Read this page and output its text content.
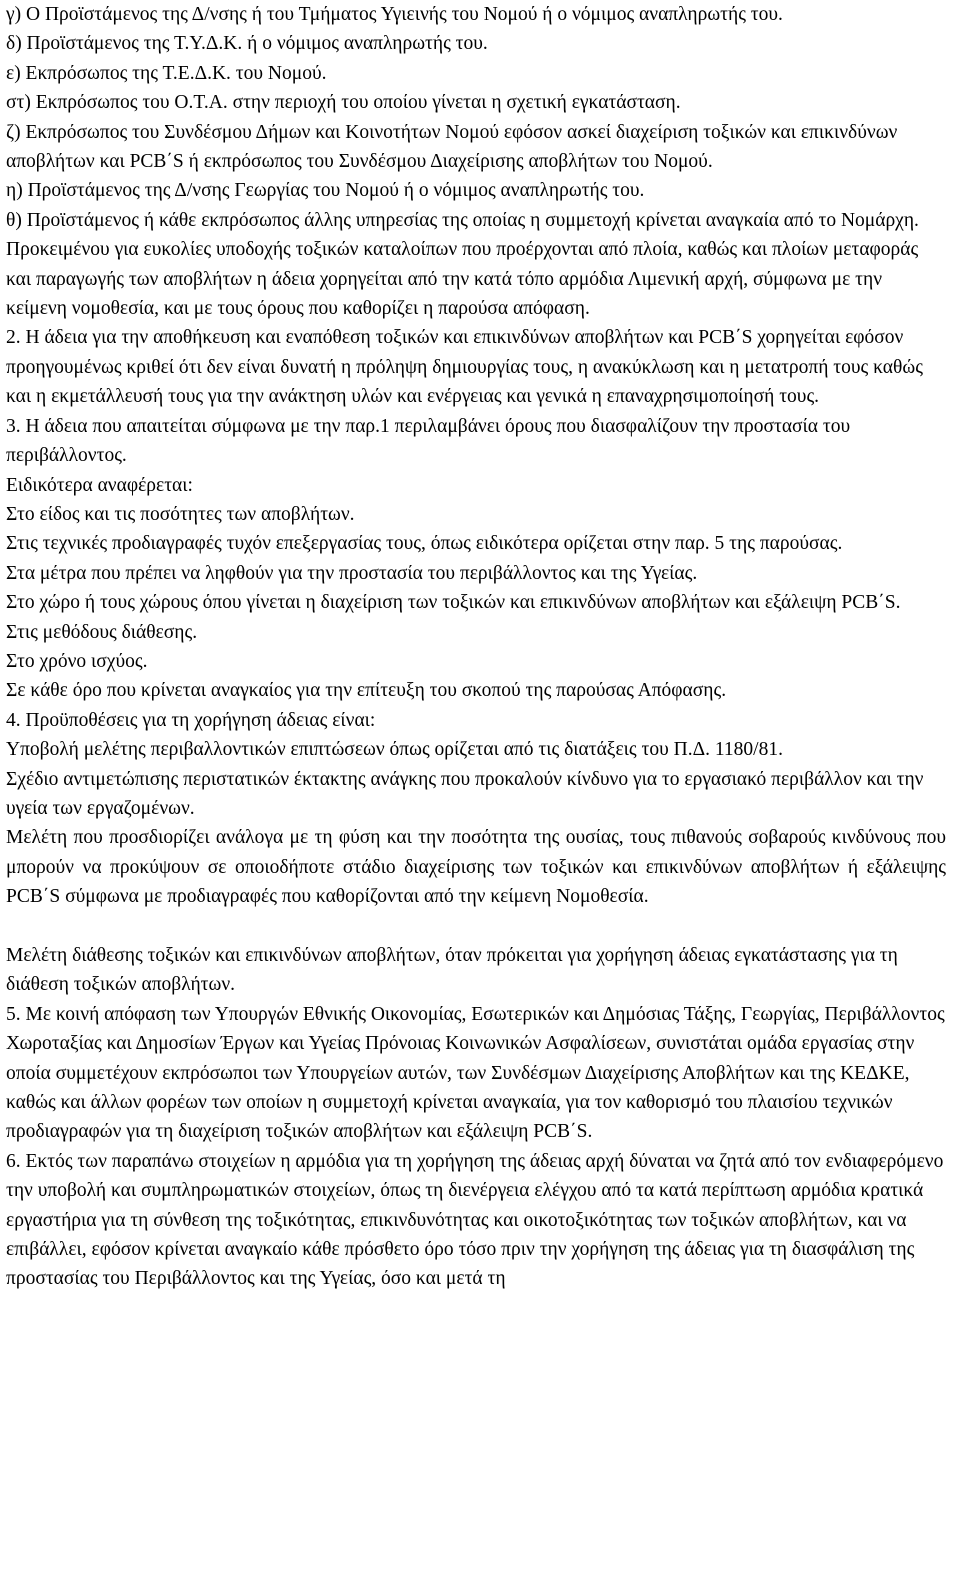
γ) Ο Προϊστάμενος της Δ/νσης ή του Τμήματος Υγιεινής του Νομού ή ο νόμιμος αναπληρωτής του.

δ) Προϊστάμενος της Τ.Υ.Δ.Κ. ή ο νόμιμος αναπληρωτής του.

ε) Εκπρόσωπος της Τ.Ε.Δ.Κ. του Νομού.

στ) Εκπρόσωπος του Ο.Τ.Α. στην περιοχή του οποίου γίνεται η σχετική εγκατάσταση.

ζ) Εκπρόσωπος του Συνδέσμου Δήμων και Κοινοτήτων Νομού εφόσον ασκεί διαχείριση τοξικών και επικινδύνων αποβλήτων και PCB΄S ή εκπρόσωπος του Συνδέσμου Διαχείρισης αποβλήτων του Νομού.

η) Προϊστάμενος της Δ/νσης Γεωργίας του Νομού ή ο νόμιμος αναπληρωτής του.

θ) Προϊστάμενος ή κάθε εκπρόσωπος άλλης υπηρεσίας της οποίας η συμμετοχή κρίνεται αναγκαία από το Νομάρχη.

Προκειμένου για ευκολίες υποδοχής τοξικών καταλοίπων που προέρχονται από πλοία, καθώς και πλοίων μεταφοράς και παραγωγής των αποβλήτων η άδεια χορηγείται από την κατά τόπο αρμόδια Λιμενική αρχή, σύμφωνα με την κείμενη νομοθεσία, και με τους όρους που καθορίζει η παρούσα απόφαση.

2. Η άδεια για την αποθήκευση και εναπόθεση τοξικών και επικινδύνων αποβλήτων και PCB΄S χορηγείται εφόσον προηγουμένως κριθεί ότι δεν είναι δυνατή η πρόληψη δημιουργίας τους, η ανακύκλωση και η μετατροπή τους καθώς και η εκμετάλλευσή τους για την ανάκτηση υλών και ενέργειας και γενικά η επαναχρησιμοποίησή τους.

3. Η άδεια που απαιτείται σύμφωνα με την παρ.1 περιλαμβάνει όρους που διασφαλίζουν την προστασία του περιβάλλοντος.

Ειδικότερα αναφέρεται:

Στο είδος και τις ποσότητες των αποβλήτων.

Στις τεχνικές προδιαγραφές τυχόν επεξεργασίας τους, όπως ειδικότερα ορίζεται στην παρ. 5 της παρούσας.

Στα μέτρα που πρέπει να ληφθούν για την προστασία του περιβάλλοντος και της Υγείας.

Στο χώρο ή τους χώρους όπου γίνεται η διαχείριση των τοξικών και επικινδύνων αποβλήτων και εξάλειψη PCB΄S.

Στις μεθόδους διάθεσης.

Στο χρόνο ισχύος.

Σε κάθε όρο που κρίνεται αναγκαίος για την επίτευξη του σκοπού της παρούσας Απόφασης.

4. Προϋποθέσεις για τη χορήγηση άδειας είναι:

Υποβολή μελέτης περιβαλλοντικών επιπτώσεων όπως ορίζεται από τις διατάξεις του Π.Δ. 1180/81.

Σχέδιο αντιμετώπισης περιστατικών έκτακτης ανάγκης που προκαλούν κίνδυνο για το εργασιακό περιβάλλον και την υγεία των εργαζομένων.

Μελέτη που προσδιορίζει ανάλογα με τη φύση και την ποσότητα της ουσίας, τους πιθανούς σοβαρούς κινδύνους που μπορούν να προκύψουν σε οποιοδήποτε στάδιο διαχείρισης των τοξικών και επικινδύνων αποβλήτων ή εξάλειψης PCB΄S σύμφωνα με προδιαγραφές που καθορίζονται από την κείμενη Νομοθεσία.

Μελέτη διάθεσης τοξικών και επικινδύνων αποβλήτων, όταν πρόκειται για χορήγηση άδειας εγκατάστασης για τη διάθεση τοξικών αποβλήτων.

5. Με κοινή απόφαση των Υπουργών Εθνικής Οικονομίας, Εσωτερικών και Δημόσιας Τάξης, Γεωργίας, Περιβάλλοντος Χωροταξίας και Δημοσίων Έργων και Υγείας Πρόνοιας Κοινωνικών Ασφαλίσεων, συνιστάται ομάδα εργασίας στην οποία συμμετέχουν εκπρόσωποι των Υπουργείων αυτών, των Συνδέσμων Διαχείρισης Αποβλήτων και της ΚΕΔΚΕ, καθώς και άλλων φορέων των οποίων η συμμετοχή κρίνεται αναγκαία, για τον καθορισμό του πλαισίου τεχνικών προδιαγραφών για τη διαχείριση τοξικών αποβλήτων και εξάλειψη PCB΄S.

6. Εκτός των παραπάνω στοιχείων η αρμόδια για τη χορήγηση της άδειας αρχή δύναται να ζητά από τον ενδιαφερόμενο την υποβολή και συμπληρωματικών στοιχείων, όπως τη διενέργεια ελέγχου από τα κατά περίπτωση αρμόδια κρατικά εργαστήρια για τη σύνθεση της τοξικότητας, επικινδυνότητας και οικοτοξικότητας των τοξικών αποβλήτων, και να επιβάλλει, εφόσον κρίνεται αναγκαίο κάθε πρόσθετο όρο τόσο πριν την χορήγηση της άδειας για τη διασφάλιση της προστασίας του Περιβάλλοντος και της Υγείας, όσο και μετά τη
